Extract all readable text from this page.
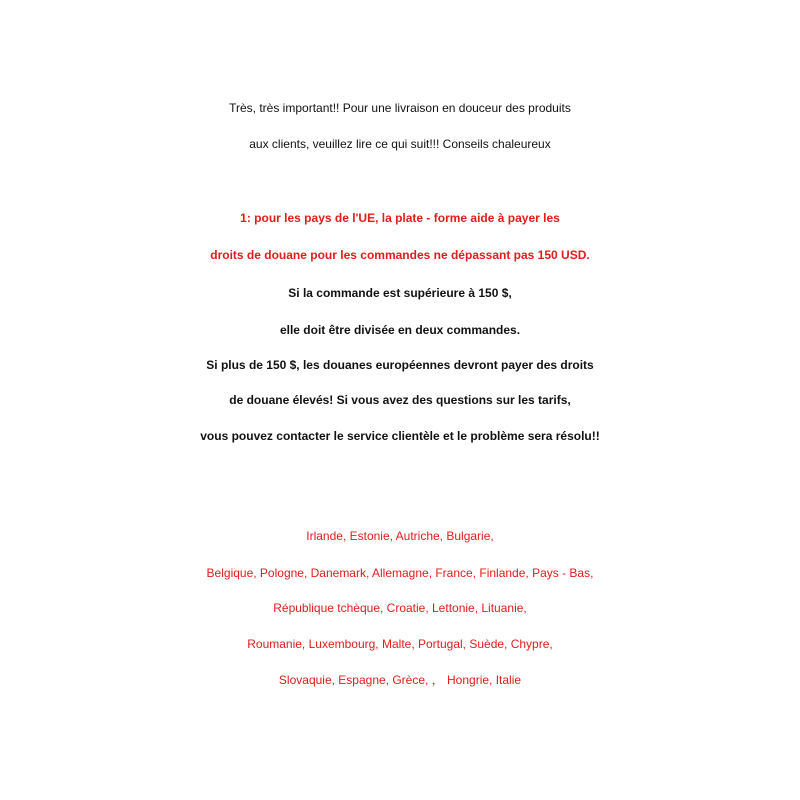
Très, très important!! Pour une livraison en douceur des produits
aux clients, veuillez lire ce qui suit!!! Conseils chaleureux
1: pour les pays de l'UE, la plate - forme aide à payer les
droits de douane pour les commandes ne dépassant pas 150 USD.
Si la commande est supérieure à 150 $,
elle doit être divisée en deux commandes.
Si plus de 150 $, les douanes européennes devront payer des droits
de douane élevés! Si vous avez des questions sur les tarifs,
vous pouvez contacter le service clientèle et le problème sera résolu!!
Irlande, Estonie, Autriche, Bulgarie,
Belgique, Pologne, Danemark, Allemagne, France, Finlande, Pays - Bas,
République tchèque, Croatie, Lettonie, Lituanie,
Roumanie, Luxembourg, Malte, Portugal, Suède, Chypre,
Slovaquie, Espagne, Grèce, ， Hongrie, Italie
